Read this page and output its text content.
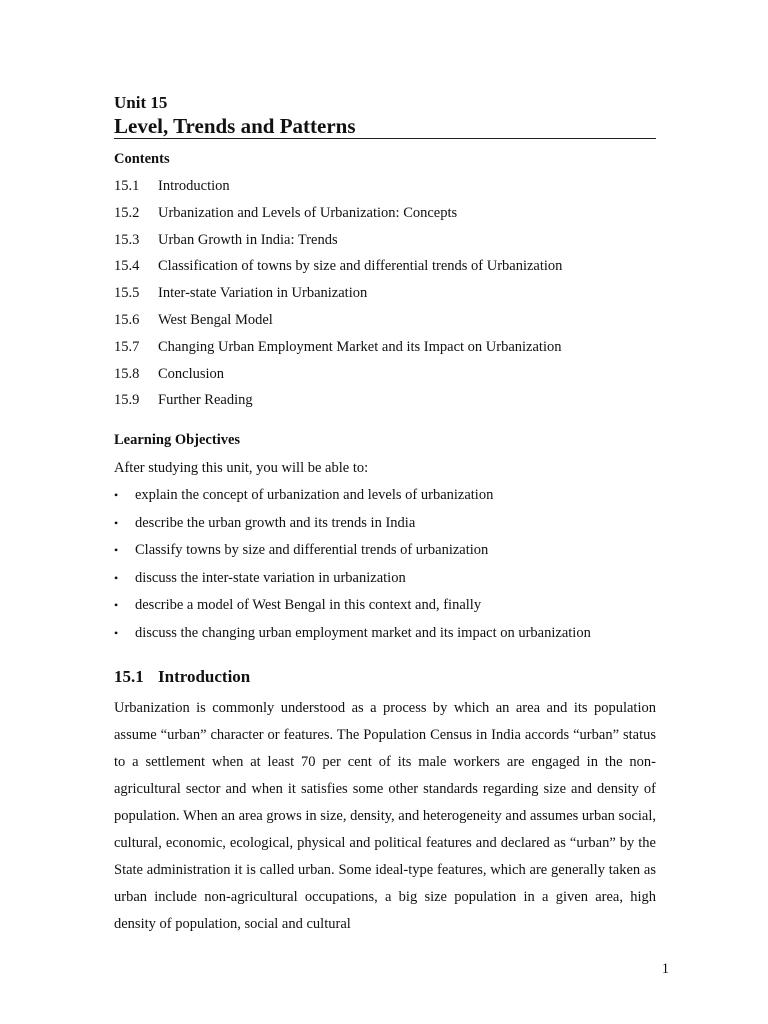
Unit 15
Level, Trends and Patterns
Contents
15.1 Introduction
15.2 Urbanization and Levels of Urbanization: Concepts
15.3 Urban Growth in India: Trends
15.4 Classification of towns by size and differential trends of Urbanization
15.5 Inter-state Variation in Urbanization
15.6 West Bengal Model
15.7 Changing Urban Employment Market and its Impact on Urbanization
15.8 Conclusion
15.9 Further Reading
Learning Objectives
After studying this unit, you will be able to:
• explain the concept of urbanization and levels of urbanization
• describe the urban growth and its trends in India
• Classify towns by size and differential trends of urbanization
• discuss the inter-state variation in urbanization
• describe a model of West Bengal in this context and, finally
• discuss the changing urban employment market and its impact on urbanization
15.1 Introduction

Urbanization is commonly understood as a process by which an area and its population assume “urban” character or features. The Population Census in India accords “urban” status to a settlement when at least 70 per cent of its male workers are engaged in the non-agricultural sector and when it satisfies some other standards regarding size and density of population. When an area grows in size, density, and heterogeneity and assumes urban social, cultural, economic, ecological, physical and political features and declared as “urban” by the State administration it is called urban. Some ideal-type features, which are generally taken as urban include non-agricultural occupations, a big size population in a given area, high density of population, social and cultural

1
